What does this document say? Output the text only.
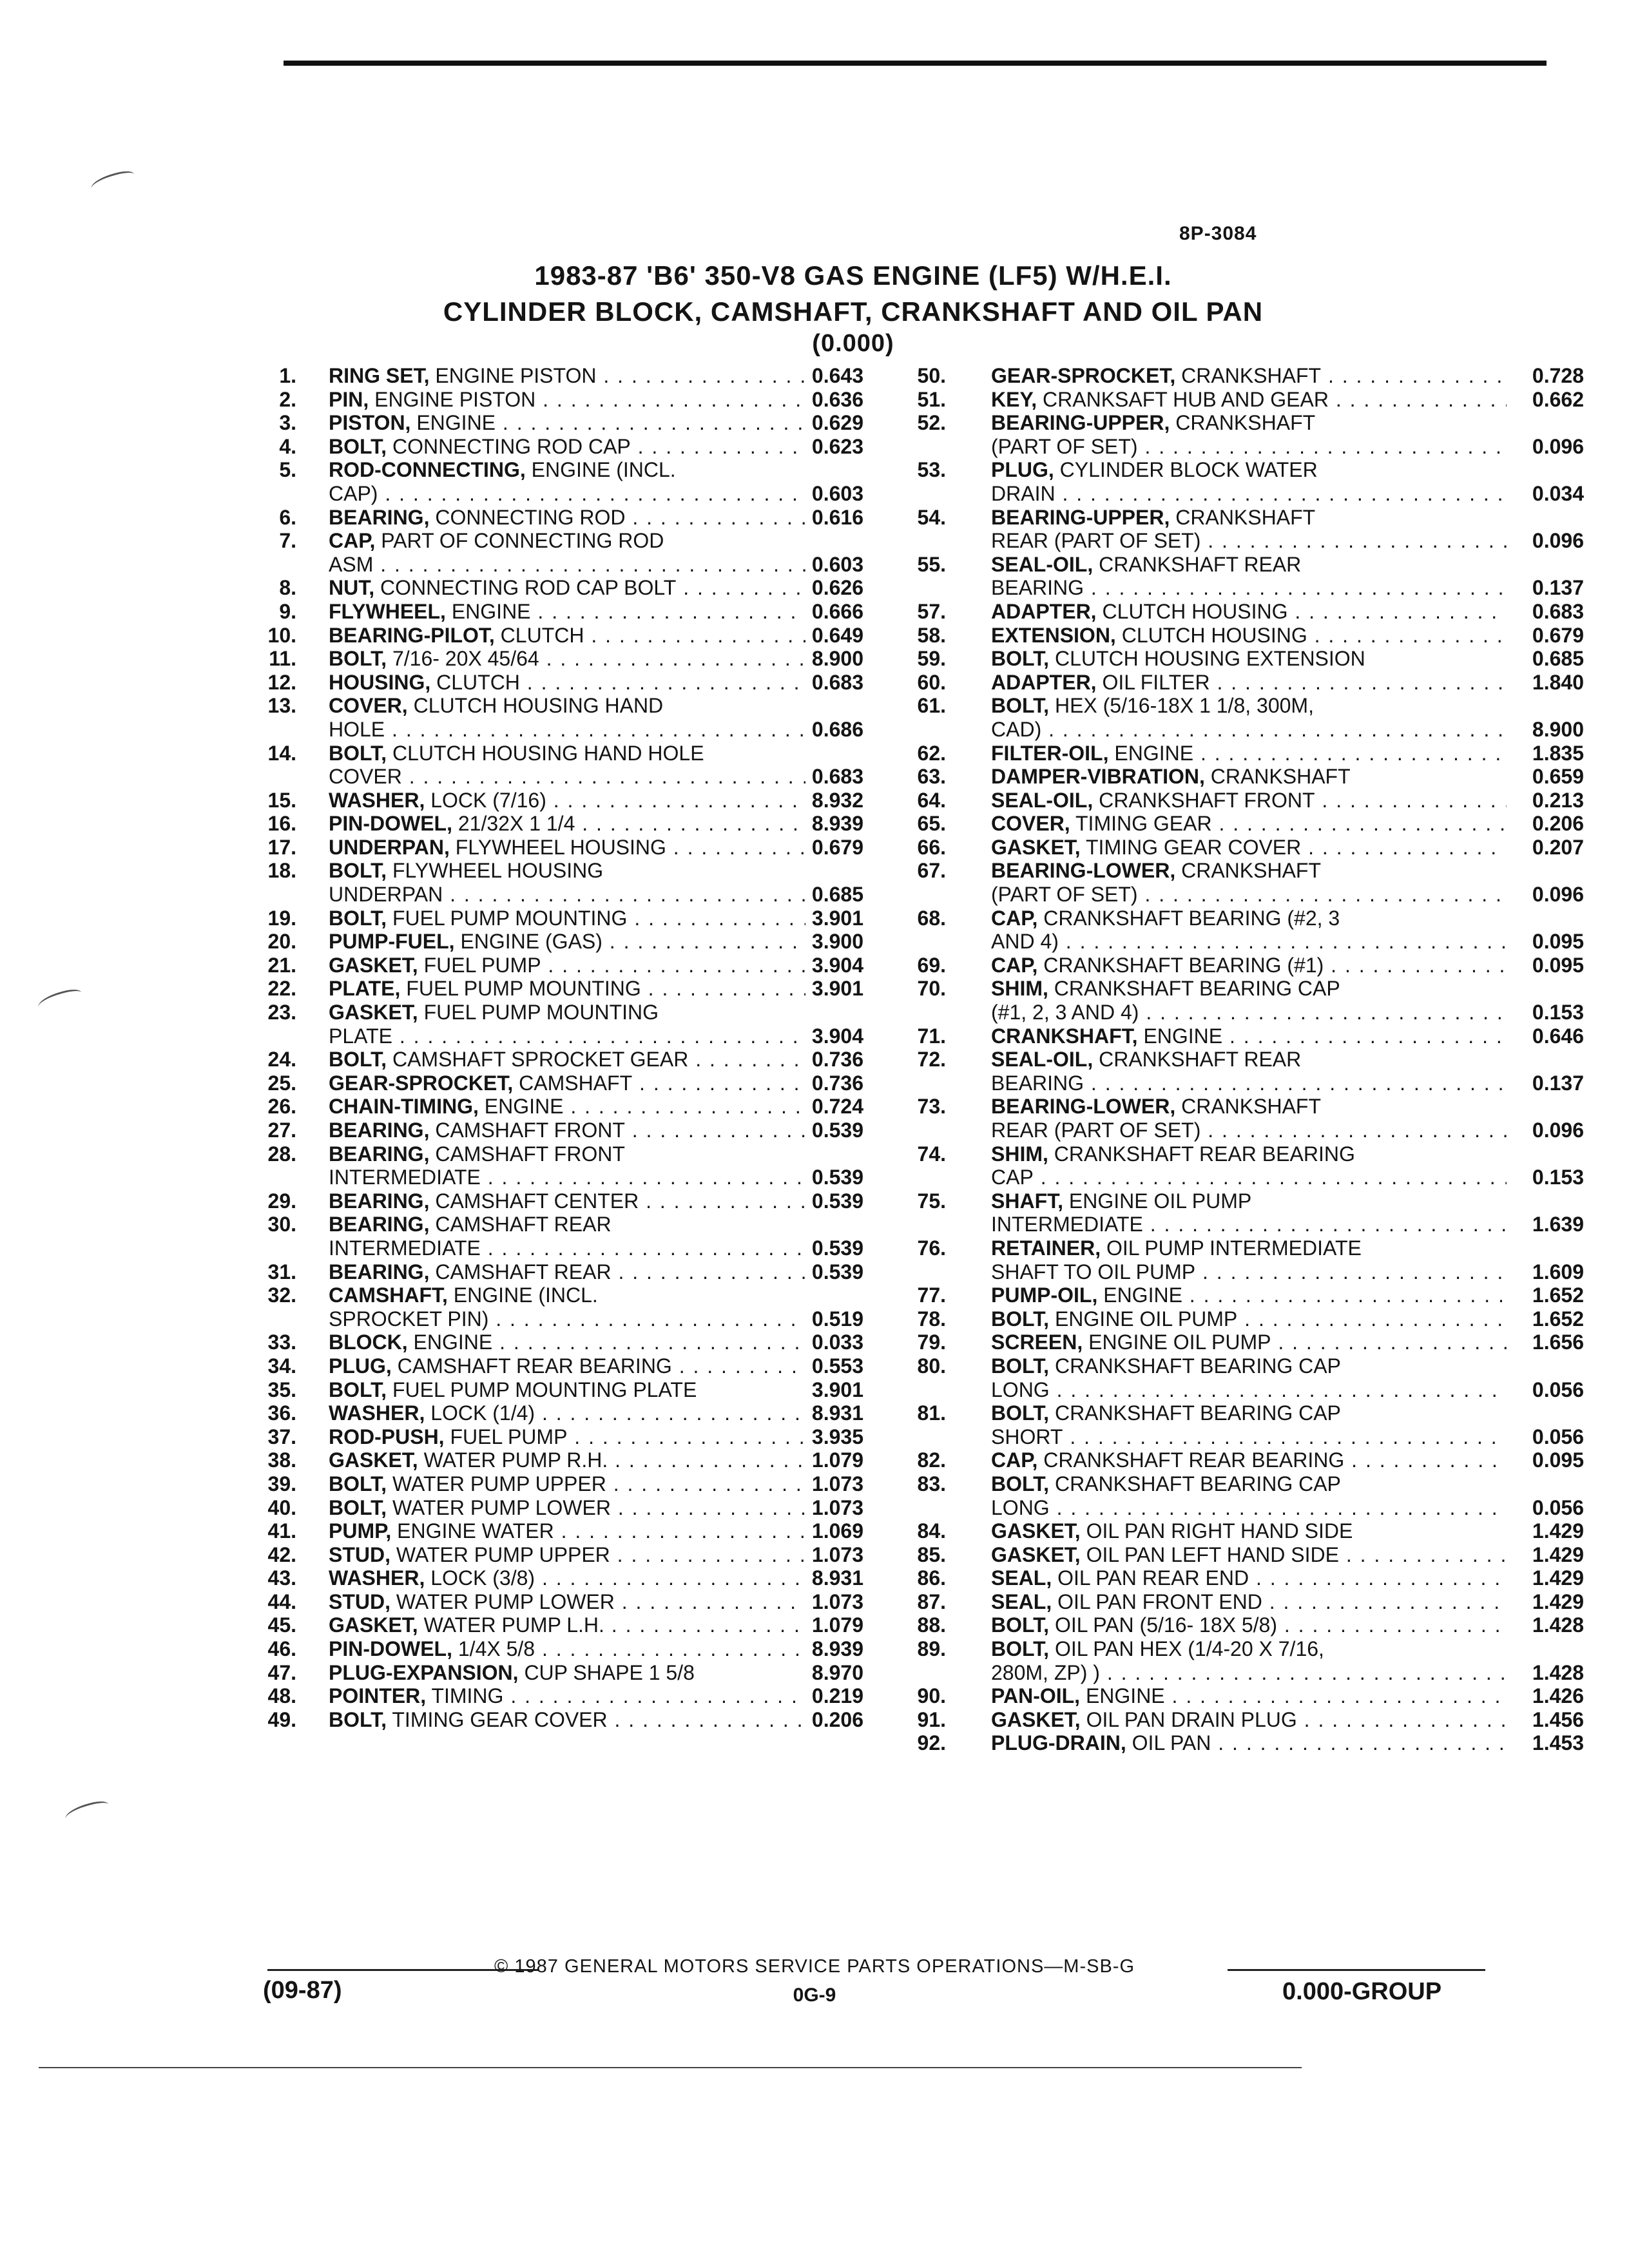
8P-3084
1983-87 'B6' 350-V8 GAS ENGINE (LF5) W/H.E.I.
CYLINDER BLOCK, CAMSHAFT, CRANKSHAFT AND OIL PAN
(0.000)
1. RING SET, ENGINE PISTON . . .	0.643
2. PIN, ENGINE PISTON . . .	0.636
3. PISTON, ENGINE . . .	0.629
4. BOLT, CONNECTING ROD CAP . . .	0.623
5. ROD-CONNECTING, ENGINE (INCL.
CAP) . . .	0.603
6. BEARING, CONNECTING ROD . . .	0.616
7. CAP, PART OF CONNECTING ROD
ASM . . .	0.603
8. NUT, CONNECTING ROD CAP BOLT . . .	0.626
9. FLYWHEEL, ENGINE . . .	0.666
10. BEARING-PILOT, CLUTCH . . .	0.649
11. BOLT, 7/16- 20X 45/64 . . .	8.900
12. HOUSING, CLUTCH . . .	0.683
13. COVER, CLUTCH HOUSING HAND
HOLE . . .	0.686
14. BOLT, CLUTCH HOUSING HAND HOLE
COVER . . .	0.683
15. WASHER, LOCK (7/16) . . .	8.932
16. PIN-DOWEL, 21/32X 1 1/4 . . .	8.939
17. UNDERPAN, FLYWHEEL HOUSING . . .	0.679
18. BOLT, FLYWHEEL HOUSING
UNDERPAN . . .	0.685
19. BOLT, FUEL PUMP MOUNTING . . .	3.901
20. PUMP-FUEL, ENGINE (GAS) . . .	3.900
21. GASKET, FUEL PUMP . . .	3.904
22. PLATE, FUEL PUMP MOUNTING . . .	3.901
23. GASKET, FUEL PUMP MOUNTING
PLATE . . .	3.904
24. BOLT, CAMSHAFT SPROCKET GEAR . . .	0.736
25. GEAR-SPROCKET, CAMSHAFT . . .	0.736
26. CHAIN-TIMING, ENGINE . . .	0.724
27. BEARING, CAMSHAFT FRONT . . .	0.539
28. BEARING, CAMSHAFT FRONT
INTERMEDIATE . . .	0.539
29. BEARING, CAMSHAFT CENTER . . .	0.539
30. BEARING, CAMSHAFT REAR
INTERMEDIATE . . .	0.539
31. BEARING, CAMSHAFT REAR . . .	0.539
32. CAMSHAFT, ENGINE (INCL.
SPROCKET PIN) . . .	0.519
33. BLOCK, ENGINE . . .	0.033
34. PLUG, CAMSHAFT REAR BEARING . . .	0.553
35. BOLT, FUEL PUMP MOUNTING PLATE	3.901
36. WASHER, LOCK (1/4) . . .	8.931
37. ROD-PUSH, FUEL PUMP . . .	3.935
38. GASKET, WATER PUMP R.H. . . .	1.079
39. BOLT, WATER PUMP UPPER . . .	1.073
40. BOLT, WATER PUMP LOWER . . .	1.073
41. PUMP, ENGINE WATER . . .	1.069
42. STUD, WATER PUMP UPPER . . .	1.073
43. WASHER, LOCK (3/8) . . .	8.931
44. STUD, WATER PUMP LOWER . . .	1.073
45. GASKET, WATER PUMP L.H. . . .	1.079
46. PIN-DOWEL, 1/4X 5/8 . . .	8.939
47. PLUG-EXPANSION, CUP SHAPE 1 5/8	8.970
48. POINTER, TIMING . . .	0.219
49. BOLT, TIMING GEAR COVER . . .	0.206
50. GEAR-SPROCKET, CRANKSHAFT . . .	0.728
51. KEY, CRANKSAFT HUB AND GEAR . . .	0.662
52. BEARING-UPPER, CRANKSHAFT
(PART OF SET) . . .	0.096
53. PLUG, CYLINDER BLOCK WATER
DRAIN . . .	0.034
54. BEARING-UPPER, CRANKSHAFT
REAR (PART OF SET) . . .	0.096
55. SEAL-OIL, CRANKSHAFT REAR
BEARING . . .	0.137
57. ADAPTER, CLUTCH HOUSING . . .	0.683
58. EXTENSION, CLUTCH HOUSING . . .	0.679
59. BOLT, CLUTCH HOUSING EXTENSION	0.685
60. ADAPTER, OIL FILTER . . .	1.840
61. BOLT, HEX (5/16-18X 1 1/8, 300M,
CAD) . . .	8.900
62. FILTER-OIL, ENGINE . . .	1.835
63. DAMPER-VIBRATION, CRANKSHAFT	0.659
64. SEAL-OIL, CRANKSHAFT FRONT . . .	0.213
65. COVER, TIMING GEAR . . .	0.206
66. GASKET, TIMING GEAR COVER . . .	0.207
67. BEARING-LOWER, CRANKSHAFT
(PART OF SET) . . .	0.096
68. CAP, CRANKSHAFT BEARING (#2, 3
AND 4) . . .	0.095
69. CAP, CRANKSHAFT BEARING (#1) . . .	0.095
70. SHIM, CRANKSHAFT BEARING CAP
(#1, 2, 3 AND 4) . . .	0.153
71. CRANKSHAFT, ENGINE . . .	0.646
72. SEAL-OIL, CRANKSHAFT REAR
BEARING . . .	0.137
73. BEARING-LOWER, CRANKSHAFT
REAR (PART OF SET) . . .	0.096
74. SHIM, CRANKSHAFT REAR BEARING
CAP . . .	0.153
75. SHAFT, ENGINE OIL PUMP
INTERMEDIATE . . .	1.639
76. RETAINER, OIL PUMP INTERMEDIATE
SHAFT TO OIL PUMP . . .	1.609
77. PUMP-OIL, ENGINE . . .	1.652
78. BOLT, ENGINE OIL PUMP . . .	1.652
79. SCREEN, ENGINE OIL PUMP . . .	1.656
80. BOLT, CRANKSHAFT BEARING CAP
LONG . . .	0.056
81. BOLT, CRANKSHAFT BEARING CAP
SHORT . . .	0.056
82. CAP, CRANKSHAFT REAR BEARING . . .	0.095
83. BOLT, CRANKSHAFT BEARING CAP
LONG . . .	0.056
84. GASKET, OIL PAN RIGHT HAND SIDE	1.429
85. GASKET, OIL PAN LEFT HAND SIDE . . .	1.429
86. SEAL, OIL PAN REAR END . . .	1.429
87. SEAL, OIL PAN FRONT END . . .	1.429
88. BOLT, OIL PAN (5/16- 18X 5/8) . . .	1.428
89. BOLT, OIL PAN HEX (1/4-20 X 7/16,
280M, ZP) ) . . .	1.428
90. PAN-OIL, ENGINE . . .	1.426
91. GASKET, OIL PAN DRAIN PLUG . . .	1.456
92. PLUG-DRAIN, OIL PAN . . .	1.453
© 1987 GENERAL MOTORS SERVICE PARTS OPERATIONS—M-SB-G
(09-87)	0G-9	0.000-GROUP
